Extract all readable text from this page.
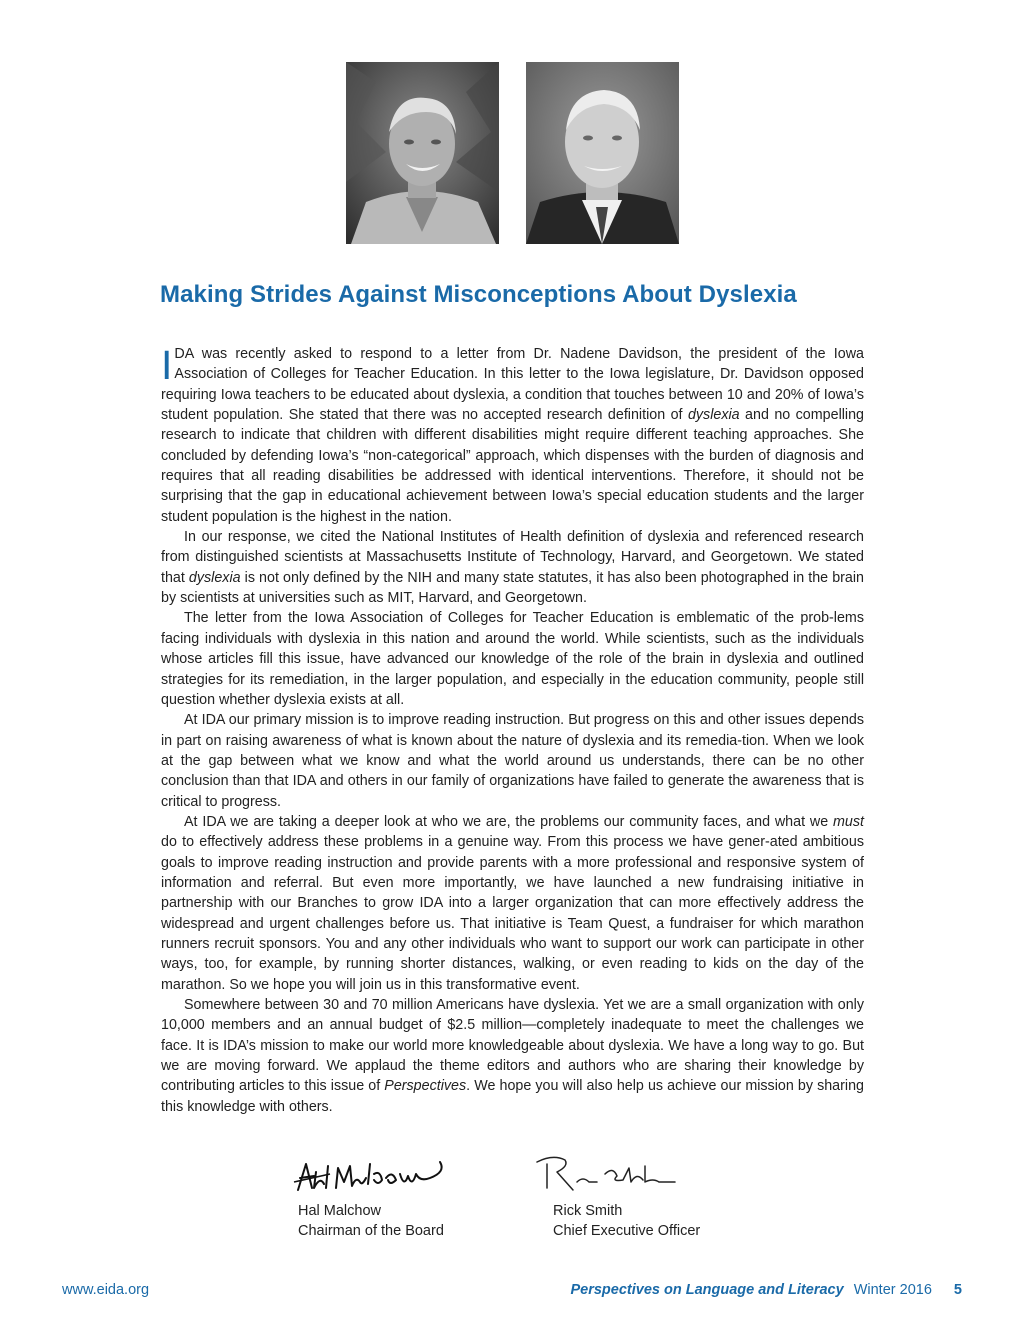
Making Strides Against Misconceptions About Dyslexia

IDA was recently asked to respond to a letter from Dr. Nadene Davidson, the president of the Iowa Association of Colleges for Teacher Education. In this letter to the Iowa legislature, Dr. Davidson opposed requiring Iowa teachers to be educated about dyslexia, a condition that touches between 10 and 20% of Iowa’s student population. She stated that there was no accepted research definition of dyslexia and no compelling research to indicate that children with different disabilities might require different teaching approaches. She concluded by defending Iowa’s “non-categorical” approach, which dispenses with the burden of diagnosis and requires that all reading disabilities be addressed with identical interventions. Therefore, it should not be surprising that the gap in educational achievement between Iowa’s special education students and the larger student population is the highest in the nation.

In our response, we cited the National Institutes of Health definition of dyslexia and referenced research from distinguished scientists at Massachusetts Institute of Technology, Harvard, and Georgetown. We stated that dyslexia is not only defined by the NIH and many state statutes, it has also been photographed in the brain by scientists at universities such as MIT, Harvard, and Georgetown.

The letter from the Iowa Association of Colleges for Teacher Education is emblematic of the prob-lems facing individuals with dyslexia in this nation and around the world. While scientists, such as the individuals whose articles fill this issue, have advanced our knowledge of the role of the brain in dyslexia and outlined strategies for its remediation, in the larger population, and especially in the education community, people still question whether dyslexia exists at all.

At IDA our primary mission is to improve reading instruction. But progress on this and other issues depends in part on raising awareness of what is known about the nature of dyslexia and its remedia-tion. When we look at the gap between what we know and what the world around us understands, there can be no other conclusion than that IDA and others in our family of organizations have failed to generate the awareness that is critical to progress.

At IDA we are taking a deeper look at who we are, the problems our community faces, and what we must do to effectively address these problems in a genuine way. From this process we have gener-ated ambitious goals to improve reading instruction and provide parents with a more professional and responsive system of information and referral. But even more importantly, we have launched a new fundraising initiative in partnership with our Branches to grow IDA into a larger organization that can more effectively address the widespread and urgent challenges before us. That initiative is Team Quest, a fundraiser for which marathon runners recruit sponsors. You and any other individuals who want to support our work can participate in other ways, too, for example, by running shorter distances, walking, or even reading to kids on the day of the marathon. So we hope you will join us in this transformative event.

Somewhere between 30 and 70 million Americans have dyslexia. Yet we are a small organization with only 10,000 members and an annual budget of $2.5 million—completely inadequate to meet the challenges we face. It is IDA’s mission to make our world more knowledgeable about dyslexia. We have a long way to go. But we are moving forward. We applaud the theme editors and authors who are sharing their knowledge by contributing articles to this issue of Perspectives. We hope you will also help us achieve our mission by sharing this knowledge with others.

Hal Malchow
Chairman of the Board
Rick Smith
Chief Executive Officer
www.eida.org	Perspectives on Language and Literacy Winter 2016 5
